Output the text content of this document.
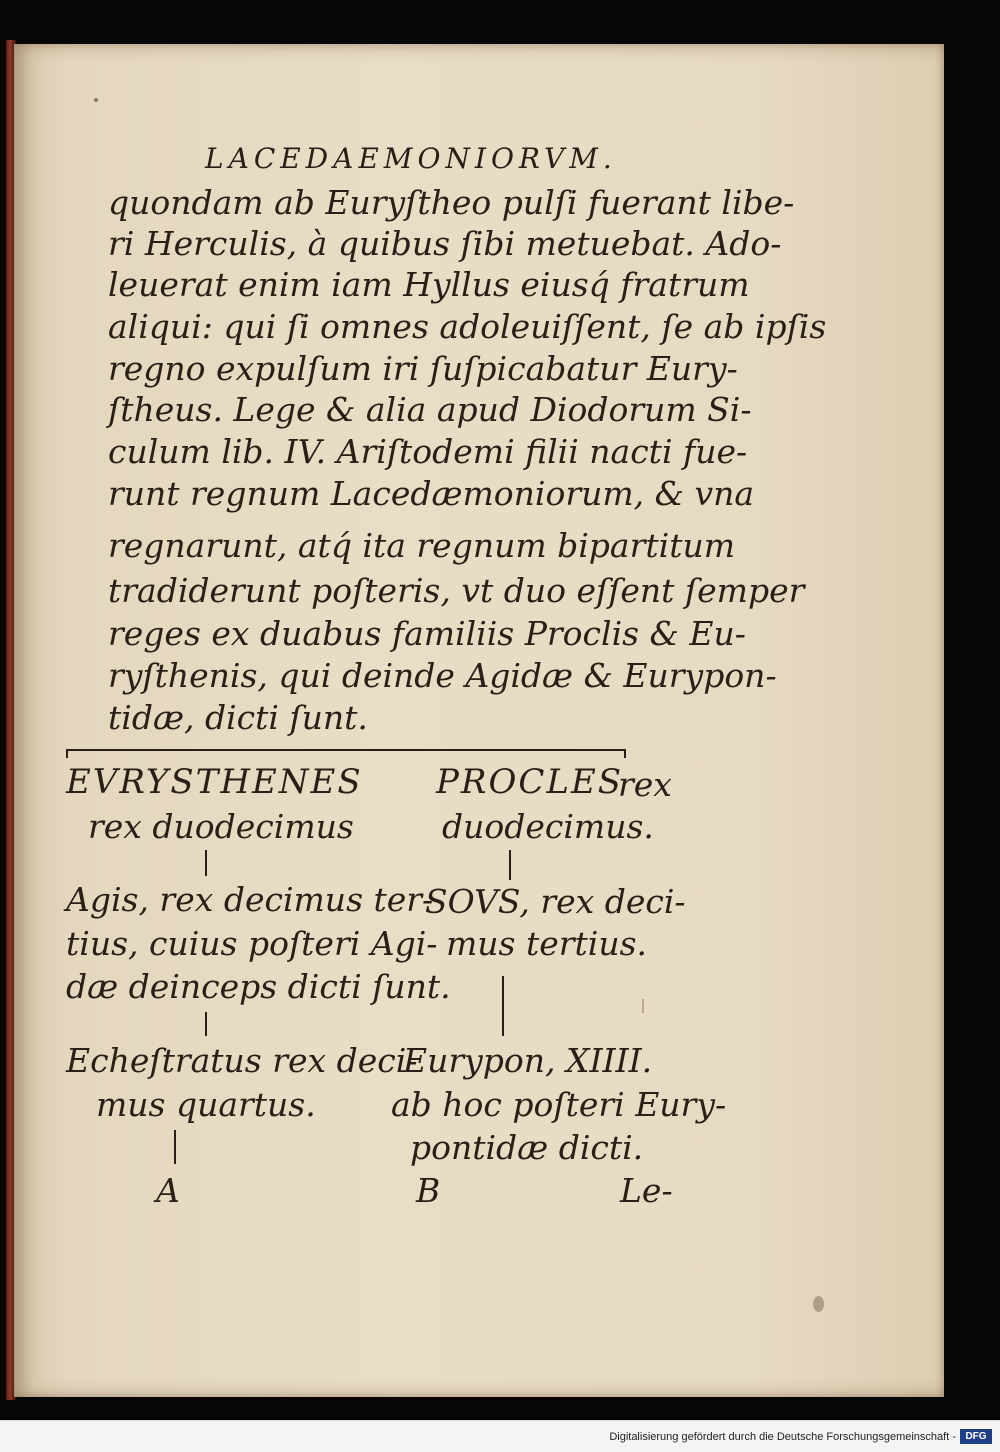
LACEDAEMONIORVM.
quondam ab Euryſtheo pulſi fuerant libe-
ri Herculis, à quibus ſibi metuebat. Ado-
leuerat enim iam Hyllus eiusq́ fratrum
aliqui: qui ſi omnes adoleuiſſent, ſe ab ipſis
regno expulſum iri ſuſpicabatur Eury-
ſtheus. Lege & alia apud Diodorum Si-
culum lib. IV. Ariſtodemi filii nacti fue-
runt regnum Lacedæmoniorum, & vna
regnarunt, atq́ ita regnum bipartitum
tradiderunt poſteris, vt duo eſſent ſemper
reges ex duabus familiis Proclis & Eu-
ryſthenis, qui deinde Agidæ & Eurypon-
tidæ, dicti ſunt.
EVRYSTHENES
rex duodecimus
Agis, rex decimus ter-
tius, cuius poſteri Agi-
dæ deinceps dicti ſunt.
Echeſtratus rex deci-
mus quartus.
A
PROCLES
rex
duodecimus.
SOVS, rex deci-
mus tertius.
Eurypon, XIIII.
ab hoc poſteri Eury-
pontidæ dicti.
B	Le-
Digitalisierung gefördert durch die Deutsche Forschungsgemeinschaft - DFG
